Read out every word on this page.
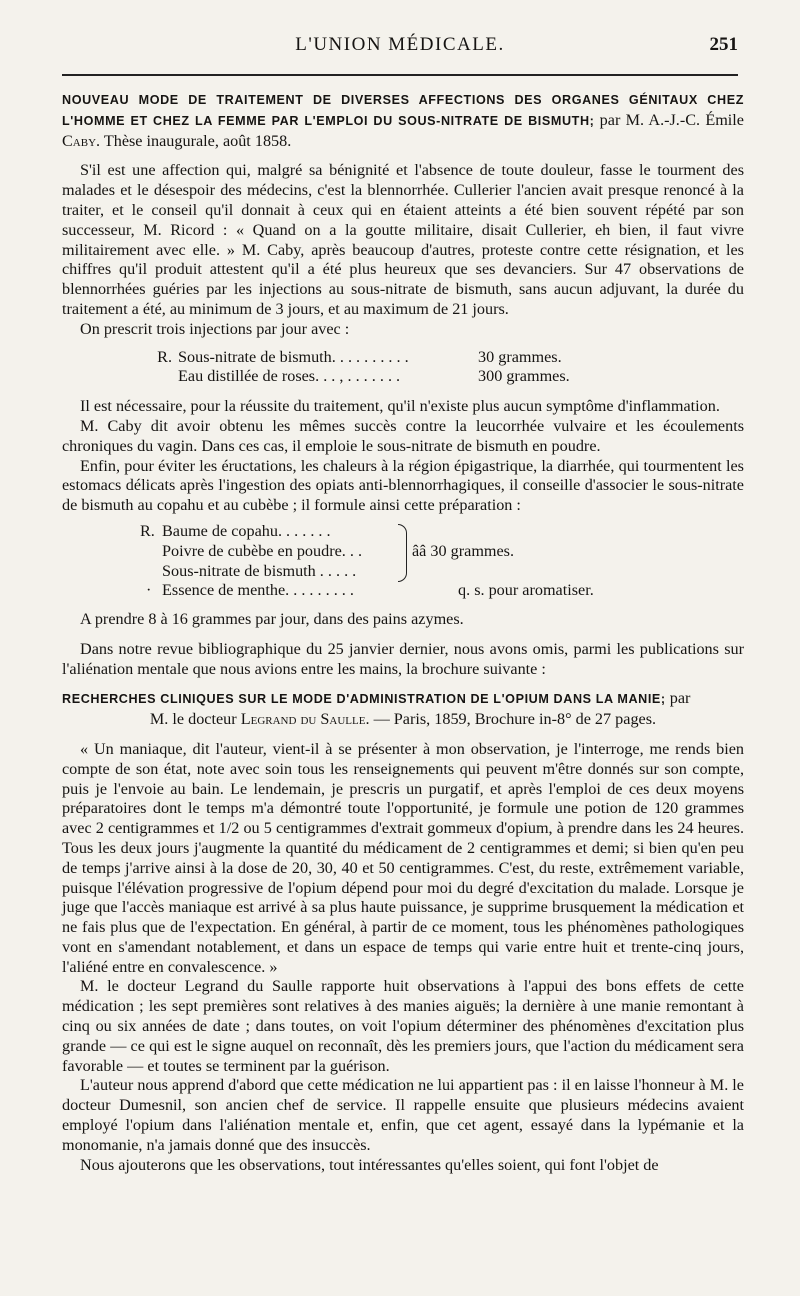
L'UNION MÉDICALE.	251

NOUVEAU MODE DE TRAITEMENT DE DIVERSES AFFECTIONS DES ORGANES GÉNITAUX CHEZ L'HOMME ET CHEZ LA FEMME PAR L'EMPLOI DU SOUS-NITRATE DE BISMUTH; par M. A.-J.-C. Émile Caby. Thèse inaugurale, août 1858.

S'il est une affection qui, malgré sa bénignité et l'absence de toute douleur, fasse le tourment des malades et le désespoir des médecins, c'est la blennorrhée. Cullerier l'ancien avait presque renoncé à la traiter, et le conseil qu'il donnait à ceux qui en étaient atteints a été bien souvent répété par son successeur, M. Ricord : « Quand on a la goutte militaire, disait Cullerier, eh bien, il faut vivre militairement avec elle. » M. Caby, après beaucoup d'autres, proteste contre cette résignation, et les chiffres qu'il produit attestent qu'il a été plus heureux que ses devanciers. Sur 47 observations de blennorrhées guéries par les injections au sous-nitrate de bismuth, sans aucun adjuvant, la durée du traitement a été, au minimum de 3 jours, et au maximum de 21 jours.

On prescrit trois injections par jour avec :

R. Sous-nitrate de bismuth. . . . . . . . . .	30 grammes.
Eau distillée de roses. . . , . . . . . . .	300 grammes.

Il est nécessaire, pour la réussite du traitement, qu'il n'existe plus aucun symptôme d'inflammation.

M. Caby dit avoir obtenu les mêmes succès contre la leucorrhée vulvaire et les écoulements chroniques du vagin. Dans ces cas, il emploie le sous-nitrate de bismuth en poudre.

Enfin, pour éviter les éructations, les chaleurs à la région épigastrique, la diarrhée, qui tourmentent les estomacs délicats après l'ingestion des opiats anti-blennorrhagiques, il conseille d'associer le sous-nitrate de bismuth au copahu et au cubèbe ; il formule ainsi cette préparation :

R. Baume de copahu. . . . . . .
Poivre de cubèbe en poudre. . .
Sous-nitrate de bismuth . . . . .
ââ 30 grammes.
· Essence de menthe. . . . . . . . .	q. s. pour aromatiser.

A prendre 8 à 16 grammes par jour, dans des pains azymes.

Dans notre revue bibliographique du 25 janvier dernier, nous avons omis, parmi les publications sur l'aliénation mentale que nous avions entre les mains, la brochure suivante :

RECHERCHES CLINIQUES SUR LE MODE D'ADMINISTRATION DE L'OPIUM DANS LA MANIE; par

M. le docteur Legrand du Saulle. — Paris, 1859, Brochure in-8° de 27 pages.

« Un maniaque, dit l'auteur, vient-il à se présenter à mon observation, je l'interroge, me rends bien compte de son état, note avec soin tous les renseignements qui peuvent m'être donnés sur son compte, puis je l'envoie au bain. Le lendemain, je prescris un purgatif, et après l'emploi de ces deux moyens préparatoires dont le temps m'a démontré toute l'opportunité, je formule une potion de 120 grammes avec 2 centigrammes et 1/2 ou 5 centigrammes d'extrait gommeux d'opium, à prendre dans les 24 heures. Tous les deux jours j'augmente la quantité du médicament de 2 centigrammes et demi; si bien qu'en peu de temps j'arrive ainsi à la dose de 20, 30, 40 et 50 centigrammes. C'est, du reste, extrêmement variable, puisque l'élévation progressive de l'opium dépend pour moi du degré d'excitation du malade. Lorsque je juge que l'accès maniaque est arrivé à sa plus haute puissance, je supprime brusquement la médication et ne fais plus que de l'expectation. En général, à partir de ce moment, tous les phénomènes pathologiques vont en s'amendant notablement, et dans un espace de temps qui varie entre huit et trente-cinq jours, l'aliéné entre en convalescence. »

M. le docteur Legrand du Saulle rapporte huit observations à l'appui des bons effets de cette médication ; les sept premières sont relatives à des manies aiguës; la dernière à une manie remontant à cinq ou six années de date ; dans toutes, on voit l'opium déterminer des phénomènes d'excitation plus grande — ce qui est le signe auquel on reconnaît, dès les premiers jours, que l'action du médicament sera favorable — et toutes se terminent par la guérison.

L'auteur nous apprend d'abord que cette médication ne lui appartient pas : il en laisse l'honneur à M. le docteur Dumesnil, son ancien chef de service. Il rappelle ensuite que plusieurs médecins avaient employé l'opium dans l'aliénation mentale et, enfin, que cet agent, essayé dans la lypémanie et la monomanie, n'a jamais donné que des insuccès.

Nous ajouterons que les observations, tout intéressantes qu'elles soient, qui font l'objet de
